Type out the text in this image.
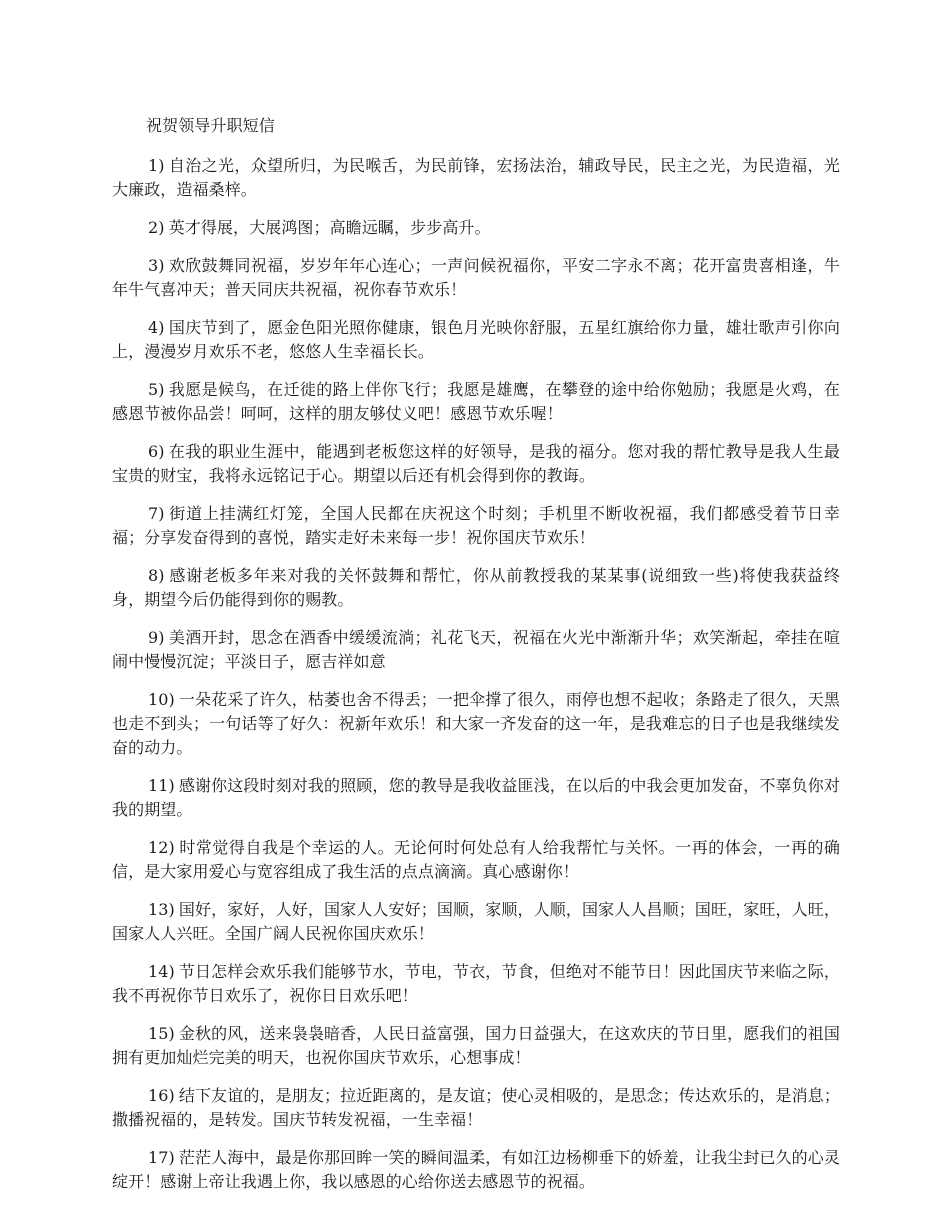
祝贺领导升职短信

1) 自治之光，众望所归，为民喉舌，为民前锋，宏扬法治，辅政导民，民主之光，为民造福，光大廉政，造福桑梓。

2) 英才得展，大展鸿图；高瞻远瞩，步步高升。

3) 欢欣鼓舞同祝福，岁岁年年心连心；一声问候祝福你，平安二字永不离；花开富贵喜相逢，牛年牛气喜冲天；普天同庆共祝福，祝你春节欢乐！

4) 国庆节到了，愿金色阳光照你健康，银色月光映你舒服，五星红旗给你力量，雄壮歌声引你向上，漫漫岁月欢乐不老，悠悠人生幸福长长。

5) 我愿是候鸟，在迁徙的路上伴你飞行；我愿是雄鹰，在攀登的途中给你勉励；我愿是火鸡，在感恩节被你品尝！呵呵，这样的朋友够仗义吧！感恩节欢乐喔！

6) 在我的职业生涯中，能遇到老板您这样的好领导，是我的福分。您对我的帮忙教导是我人生最宝贵的财宝，我将永远铭记于心。期望以后还有机会得到你的教诲。

7) 街道上挂满红灯笼，全国人民都在庆祝这个时刻；手机里不断收祝福，我们都感受着节日幸福；分享发奋得到的喜悦，踏实走好未来每一步！祝你国庆节欢乐！

8) 感谢老板多年来对我的关怀鼓舞和帮忙，你从前教授我的某某事(说细致一些)将使我获益终身，期望今后仍能得到你的赐教。

9) 美酒开封，思念在酒香中缓缓流淌；礼花飞天，祝福在火光中渐渐升华；欢笑渐起，牵挂在喧闹中慢慢沉淀；平淡日子，愿吉祥如意

10) 一朵花采了许久，枯萎也舍不得丢；一把伞撑了很久，雨停也想不起收；条路走了很久，天黑也走不到头；一句话等了好久：祝新年欢乐！和大家一齐发奋的这一年，是我难忘的日子也是我继续发奋的动力。

11) 感谢你这段时刻对我的照顾，您的教导是我收益匪浅，在以后的中我会更加发奋，不辜负你对我的期望。

12) 时常觉得自我是个幸运的人。无论何时何处总有人给我帮忙与关怀。一再的体会，一再的确信，是大家用爱心与宽容组成了我生活的点点滴滴。真心感谢你！

13) 国好，家好，人好，国家人人安好；国顺，家顺，人顺，国家人人昌顺；国旺，家旺，人旺，国家人人兴旺。全国广阔人民祝你国庆欢乐！

14) 节日怎样会欢乐我们能够节水，节电，节衣，节食，但绝对不能节日！因此国庆节来临之际，我不再祝你节日欢乐了，祝你日日欢乐吧！

15) 金秋的风，送来袅袅暗香，人民日益富强，国力日益强大，在这欢庆的节日里，愿我们的祖国拥有更加灿烂完美的明天，也祝你国庆节欢乐，心想事成！

16) 结下友谊的，是朋友；拉近距离的，是友谊；使心灵相吸的，是思念；传达欢乐的，是消息；撒播祝福的，是转发。国庆节转发祝福，一生幸福！

17) 茫茫人海中，最是你那回眸一笑的瞬间温柔，有如江边杨柳垂下的娇羞，让我尘封已久的心灵绽开！感谢上帝让我遇上你，我以感恩的心给你送去感恩节的祝福。
